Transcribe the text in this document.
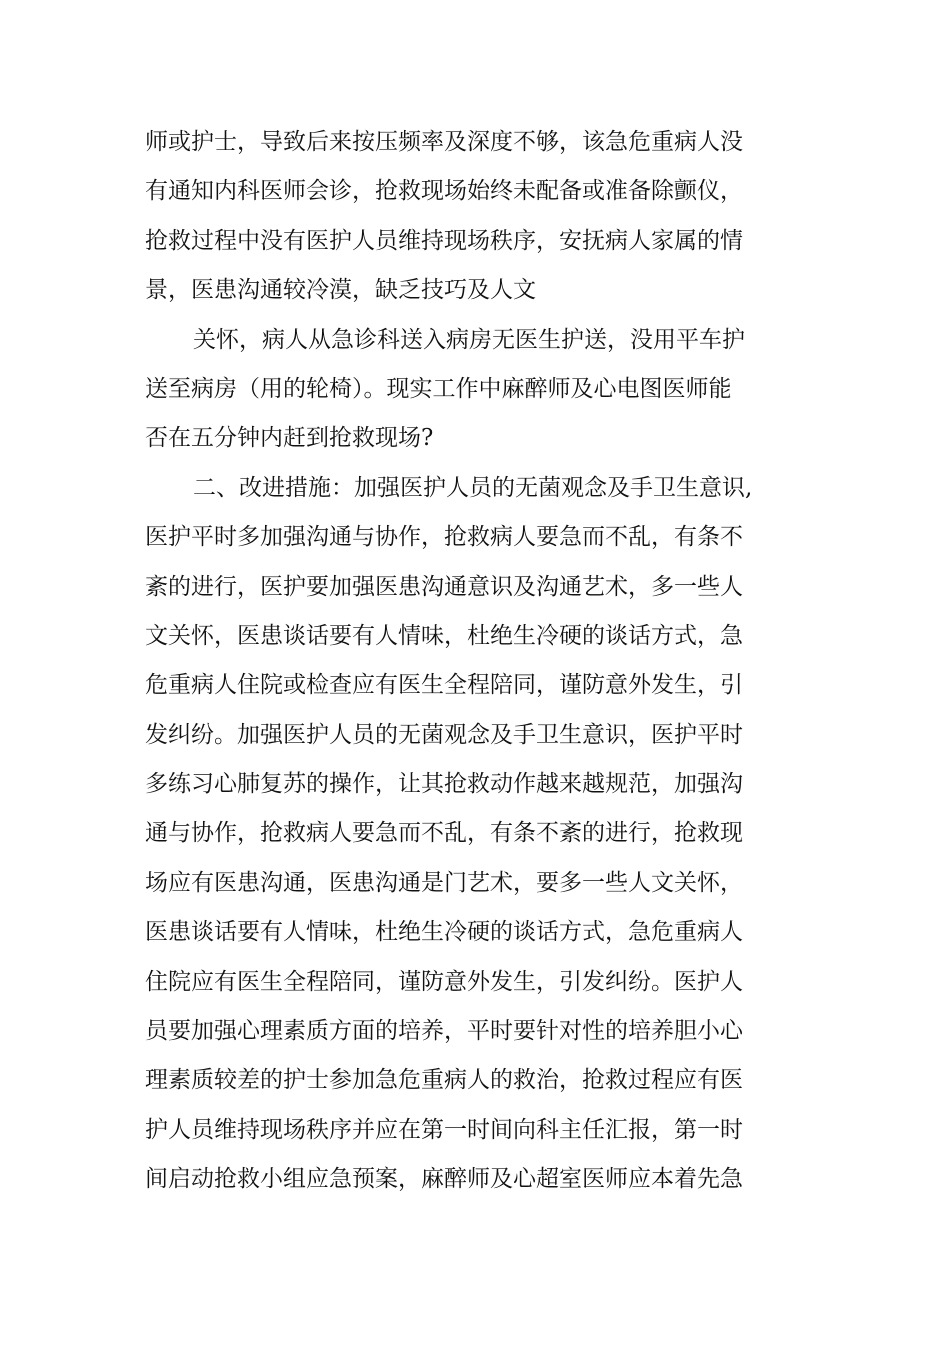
师或护士，导致后来按压频率及深度不够，该急危重病人没
有通知内科医师会诊，抢救现场始终未配备或准备除颤仪，
抢救过程中没有医护人员维持现场秩序，安抚病人家属的情
景，医患沟通较冷漠，缺乏技巧及人文
关怀，病人从急诊科送入病房无医生护送，没用平车护
送至病房（用的轮椅）。现实工作中麻醉师及心电图医师能
否在五分钟内赶到抢救现场?
二、改进措施：加强医护人员的无菌观念及手卫生意识,
医护平时多加强沟通与协作，抢救病人要急而不乱，有条不
紊的进行，医护要加强医患沟通意识及沟通艺术，多一些人
文关怀，医患谈话要有人情味，杜绝生冷硬的谈话方式，急
危重病人住院或检查应有医生全程陪同，谨防意外发生，引
发纠纷。加强医护人员的无菌观念及手卫生意识，医护平时
多练习心肺复苏的操作，让其抢救动作越来越规范，加强沟
通与协作，抢救病人要急而不乱，有条不紊的进行，抢救现
场应有医患沟通，医患沟通是门艺术，要多一些人文关怀，
医患谈话要有人情味，杜绝生冷硬的谈话方式，急危重病人
住院应有医生全程陪同，谨防意外发生，引发纠纷。医护人
员要加强心理素质方面的培养，平时要针对性的培养胆小心
理素质较差的护士参加急危重病人的救治，抢救过程应有医
护人员维持现场秩序并应在第一时间向科主任汇报，第一时
间启动抢救小组应急预案，麻醉师及心超室医师应本着先急
